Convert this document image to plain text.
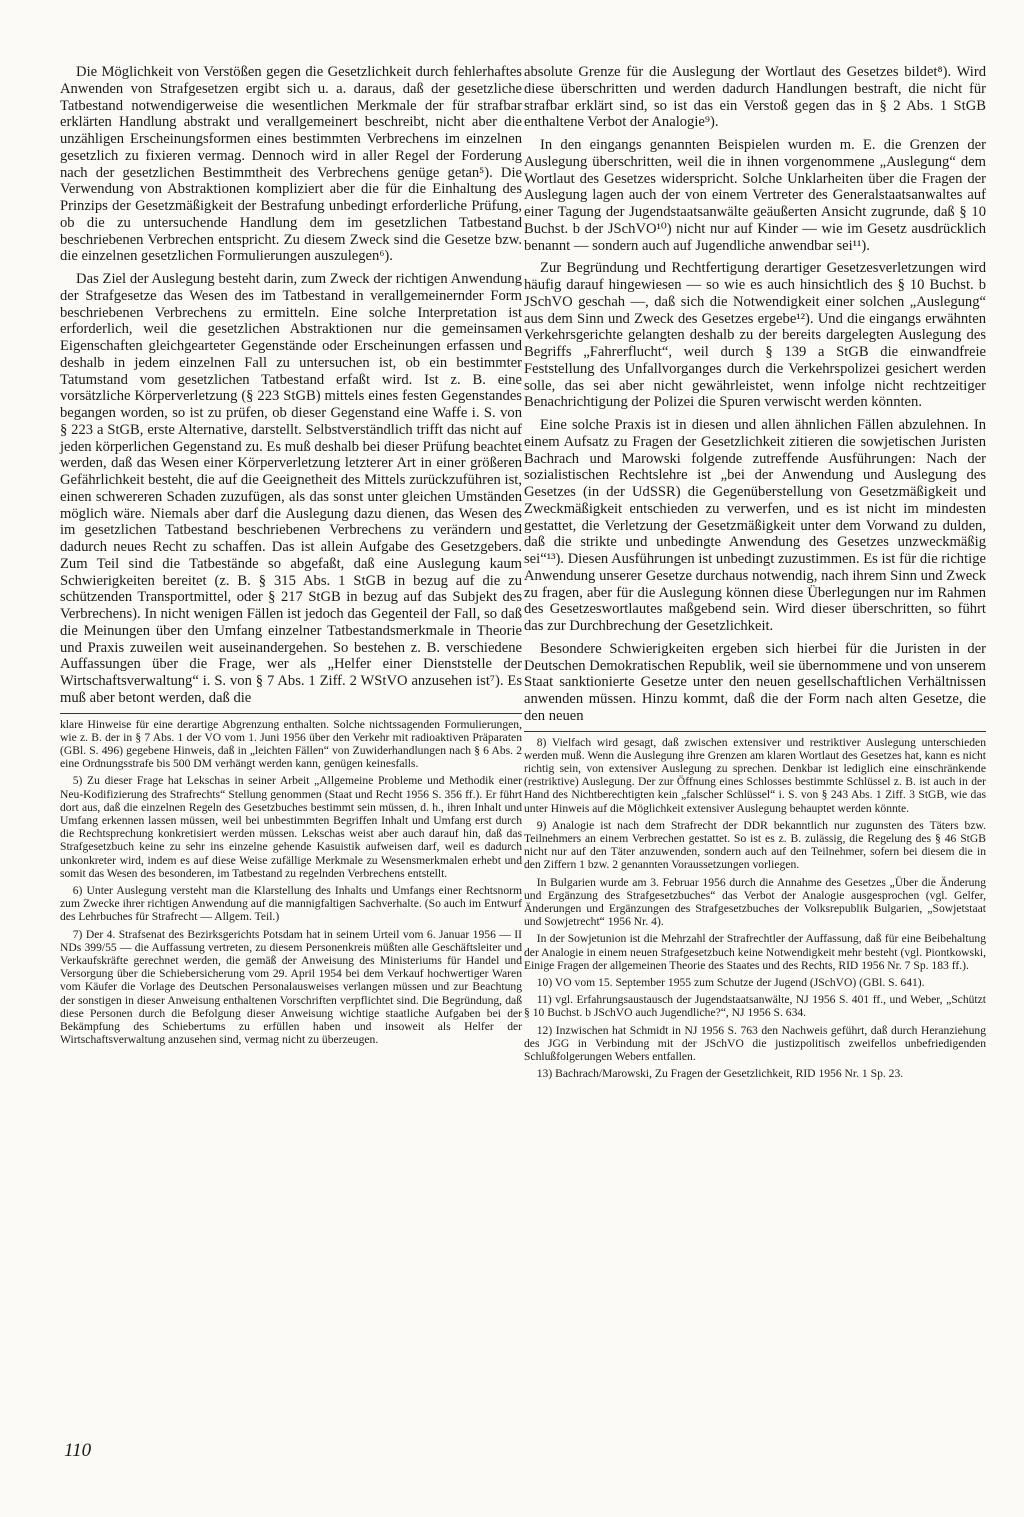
Die Möglichkeit von Verstößen gegen die Gesetzlichkeit durch fehlerhaftes Anwenden von Strafgesetzen ergibt sich u. a. daraus, daß der gesetzliche Tatbestand notwendigerweise die wesentlichen Merkmale der für strafbar erklärten Handlung abstrakt und verallgemeinert beschreibt, nicht aber die unzähligen Erscheinungsformen eines bestimmten Verbrechens im einzelnen gesetzlich zu fixieren vermag. Dennoch wird in aller Regel der Forderung nach der gesetzlichen Bestimmtheit des Verbrechens genüge getan⁵). Die Verwendung von Abstraktionen kompliziert aber die für die Einhaltung des Prinzips der Gesetzmäßigkeit der Bestrafung unbedingt erforderliche Prüfung, ob die zu untersuchende Handlung dem im gesetzlichen Tatbestand beschriebenen Verbrechen entspricht. Zu diesem Zweck sind die Gesetze bzw. die einzelnen gesetzlichen Formulierungen auszulegen⁶).

Das Ziel der Auslegung besteht darin, zum Zweck der richtigen Anwendung der Strafgesetze das Wesen des im Tatbestand in verallgemeinernder Form beschriebenen Verbrechens zu ermitteln. Eine solche Interpretation ist erforderlich, weil die gesetzlichen Abstraktionen nur die gemeinsamen Eigenschaften gleichgearteter Gegenstände oder Erscheinungen erfassen und deshalb in jedem einzelnen Fall zu untersuchen ist, ob ein bestimmter Tatumstand vom gesetzlichen Tatbestand erfaßt wird. Ist z. B. eine vorsätzliche Körperverletzung (§ 223 StGB) mittels eines festen Gegenstandes begangen worden, so ist zu prüfen, ob dieser Gegenstand eine Waffe i. S. von § 223 a StGB, erste Alternative, darstellt. Selbstverständlich trifft das nicht auf jeden körperlichen Gegenstand zu. Es muß deshalb bei dieser Prüfung beachtet werden, daß das Wesen einer Körperverletzung letzterer Art in einer größeren Gefährlichkeit besteht, die auf die Geeignetheit des Mittels zurückzuführen ist, einen schwereren Schaden zuzufügen, als das sonst unter gleichen Umständen möglich wäre. Niemals aber darf die Auslegung dazu dienen, das Wesen des im gesetzlichen Tatbestand beschriebenen Verbrechens zu verändern und dadurch neues Recht zu schaffen. Das ist allein Aufgabe des Gesetzgebers. Zum Teil sind die Tatbestände so abgefaßt, daß eine Auslegung kaum Schwierigkeiten bereitet (z. B. § 315 Abs. 1 StGB in bezug auf die zu schützenden Transportmittel, oder § 217 StGB in bezug auf das Subjekt des Verbrechens). In nicht wenigen Fällen ist jedoch das Gegenteil der Fall, so daß die Meinungen über den Umfang einzelner Tatbestandsmerkmale in Theorie und Praxis zuweilen weit auseinandergehen. So bestehen z. B. verschiedene Auffassungen über die Frage, wer als „Helfer einer Dienststelle der Wirtschaftsverwaltung“ i. S. von § 7 Abs. 1 Ziff. 2 WStVO anzusehen ist⁷). Es muß aber betont werden, daß die

klare Hinweise für eine derartige Abgrenzung enthalten. Solche nichtssagenden Formulierungen, wie z. B. der in § 7 Abs. 1 der VO vom 1. Juni 1956 über den Verkehr mit radioaktiven Präparaten (GBl. S. 496) gegebene Hinweis, daß in „leichten Fällen“ von Zuwiderhandlungen nach § 6 Abs. 2 eine Ordnungsstrafe bis 500 DM verhängt werden kann, genügen keinesfalls.

5) Zu dieser Frage hat Lekschas in seiner Arbeit „Allgemeine Probleme und Methodik einer Neu-Kodifizierung des Strafrechts“ Stellung genommen (Staat und Recht 1956 S. 356 ff.). Er führt dort aus, daß die einzelnen Regeln des Gesetzbuches bestimmt sein müssen, d. h., ihren Inhalt und Umfang erkennen lassen müssen, weil bei unbestimmten Begriffen Inhalt und Umfang erst durch die Rechtsprechung konkretisiert werden müssen. Lekschas weist aber auch darauf hin, daß das Strafgesetzbuch keine zu sehr ins einzelne gehende Kasuistik aufweisen darf, weil es dadurch unkonkreter wird, indem es auf diese Weise zufällige Merkmale zu Wesensmerkmalen erhebt und somit das Wesen des besonderen, im Tatbestand zu regelnden Verbrechens entstellt.

6) Unter Auslegung versteht man die Klarstellung des Inhalts und Umfangs einer Rechtsnorm zum Zwecke ihrer richtigen Anwendung auf die mannigfaltigen Sachverhalte. (So auch im Entwurf des Lehrbuches für Strafrecht — Allgem. Teil.)

7) Der 4. Strafsenat des Bezirksgerichts Potsdam hat in seinem Urteil vom 6. Januar 1956 — II NDs 399/55 — die Auffassung vertreten, zu diesem Personenkreis müßten alle Geschäftsleiter und Verkaufskräfte gerechnet werden, die gemäß der Anweisung des Ministeriums für Handel und Versorgung über die Schiebersicherung vom 29. April 1954 bei dem Verkauf hochwertiger Waren vom Käufer die Vorlage des Deutschen Personalausweises verlangen müssen und zur Beachtung der sonstigen in dieser Anweisung enthaltenen Vorschriften verpflichtet sind. Die Begründung, daß diese Personen durch die Befolgung dieser Anweisung wichtige staatliche Aufgaben bei der Bekämpfung des Schiebertums zu erfüllen haben und insoweit als Helfer der Wirtschaftsverwaltung anzusehen sind, vermag nicht zu überzeugen.

absolute Grenze für die Auslegung der Wortlaut des Gesetzes bildet⁸). Wird diese überschritten und werden dadurch Handlungen bestraft, die nicht für strafbar erklärt sind, so ist das ein Verstoß gegen das in § 2 Abs. 1 StGB enthaltene Verbot der Analogie⁹).

In den eingangs genannten Beispielen wurden m. E. die Grenzen der Auslegung überschritten, weil die in ihnen vorgenommene „Auslegung“ dem Wortlaut des Gesetzes widerspricht. Solche Unklarheiten über die Fragen der Auslegung lagen auch der von einem Vertreter des Generalstaatsanwaltes auf einer Tagung der Jugendstaatsanwälte geäußerten Ansicht zugrunde, daß § 10 Buchst. b der JSchVO¹⁰) nicht nur auf Kinder — wie im Gesetz ausdrücklich benannt — sondern auch auf Jugendliche anwendbar sei¹¹).

Zur Begründung und Rechtfertigung derartiger Gesetzesverletzungen wird häufig darauf hingewiesen — so wie es auch hinsichtlich des § 10 Buchst. b JSchVO geschah —, daß sich die Notwendigkeit einer solchen „Auslegung“ aus dem Sinn und Zweck des Gesetzes ergebe¹²). Und die eingangs erwähnten Verkehrsgerichte gelangten deshalb zu der bereits dargelegten Auslegung des Begriffs „Fahrerflucht“, weil durch § 139 a StGB die einwandfreie Feststellung des Unfallvorganges durch die Verkehrspolizei gesichert werden solle, das sei aber nicht gewährleistet, wenn infolge nicht rechtzeitiger Benachrichtigung der Polizei die Spuren verwischt werden könnten.

Eine solche Praxis ist in diesen und allen ähnlichen Fällen abzulehnen. In einem Aufsatz zu Fragen der Gesetzlichkeit zitieren die sowjetischen Juristen Bachrach und Marowski folgende zutreffende Ausführungen: Nach der sozialistischen Rechtslehre ist „bei der Anwendung und Auslegung des Gesetzes (in der UdSSR) die Gegenüberstellung von Gesetzmäßigkeit und Zweckmäßigkeit entschieden zu verwerfen, und es ist nicht im mindesten gestattet, die Verletzung der Gesetzmäßigkeit unter dem Vorwand zu dulden, daß die strikte und unbedingte Anwendung des Gesetzes unzweckmäßig sei“¹³). Diesen Ausführungen ist unbedingt zuzustimmen. Es ist für die richtige Anwendung unserer Gesetze durchaus notwendig, nach ihrem Sinn und Zweck zu fragen, aber für die Auslegung können diese Überlegungen nur im Rahmen des Gesetzeswortlautes maßgebend sein. Wird dieser überschritten, so führt das zur Durchbrechung der Gesetzlichkeit.

Besondere Schwierigkeiten ergeben sich hierbei für die Juristen in der Deutschen Demokratischen Republik, weil sie übernommene und von unserem Staat sanktionierte Gesetze unter den neuen gesellschaftlichen Verhältnissen anwenden müssen. Hinzu kommt, daß die der Form nach alten Gesetze, die den neuen

8) Vielfach wird gesagt, daß zwischen extensiver und restriktiver Auslegung unterschieden werden muß. Wenn die Auslegung ihre Grenzen am klaren Wortlaut des Gesetzes hat, kann es nicht richtig sein, von extensiver Auslegung zu sprechen. Denkbar ist lediglich eine einschränkende (restriktive) Auslegung. Der zur Öffnung eines Schlosses bestimmte Schlüssel z. B. ist auch in der Hand des Nichtberechtigten kein „falscher Schlüssel“ i. S. von § 243 Abs. 1 Ziff. 3 StGB, wie das unter Hinweis auf die Möglichkeit extensiver Auslegung behauptet werden könnte.

9) Analogie ist nach dem Strafrecht der DDR bekanntlich nur zugunsten des Täters bzw. Teilnehmers an einem Verbrechen gestattet. So ist es z. B. zulässig, die Regelung des § 46 StGB nicht nur auf den Täter anzuwenden, sondern auch auf den Teilnehmer, sofern bei diesem die in den Ziffern 1 bzw. 2 genannten Voraussetzungen vorliegen.

In Bulgarien wurde am 3. Februar 1956 durch die Annahme des Gesetzes „Über die Änderung und Ergänzung des Strafgesetzbuches“ das Verbot der Analogie ausgesprochen (vgl. Gelfer, Änderungen und Ergänzungen des Strafgesetzbuches der Volksrepublik Bulgarien, „Sowjetstaat und Sowjetrecht“ 1956 Nr. 4).

In der Sowjetunion ist die Mehrzahl der Strafrechtler der Auffassung, daß für eine Beibehaltung der Analogie in einem neuen Strafgesetzbuch keine Notwendigkeit mehr besteht (vgl. Piontkowski, Einige Fragen der allgemeinen Theorie des Staates und des Rechts, RID 1956 Nr. 7 Sp. 183 ff.).

10) VO vom 15. September 1955 zum Schutze der Jugend (JSchVO) (GBl. S. 641).

11) vgl. Erfahrungsaustausch der Jugendstaatsanwälte, NJ 1956 S. 401 ff., und Weber, „Schützt § 10 Buchst. b JSchVO auch Jugendliche?“, NJ 1956 S. 634.

12) Inzwischen hat Schmidt in NJ 1956 S. 763 den Nachweis geführt, daß durch Heranziehung des JGG in Verbindung mit der JSchVO die justizpolitisch zweifellos unbefriedigenden Schlußfolgerungen Webers entfallen.

13) Bachrach/Marowski, Zu Fragen der Gesetzlichkeit, RID 1956 Nr. 1 Sp. 23.

110
